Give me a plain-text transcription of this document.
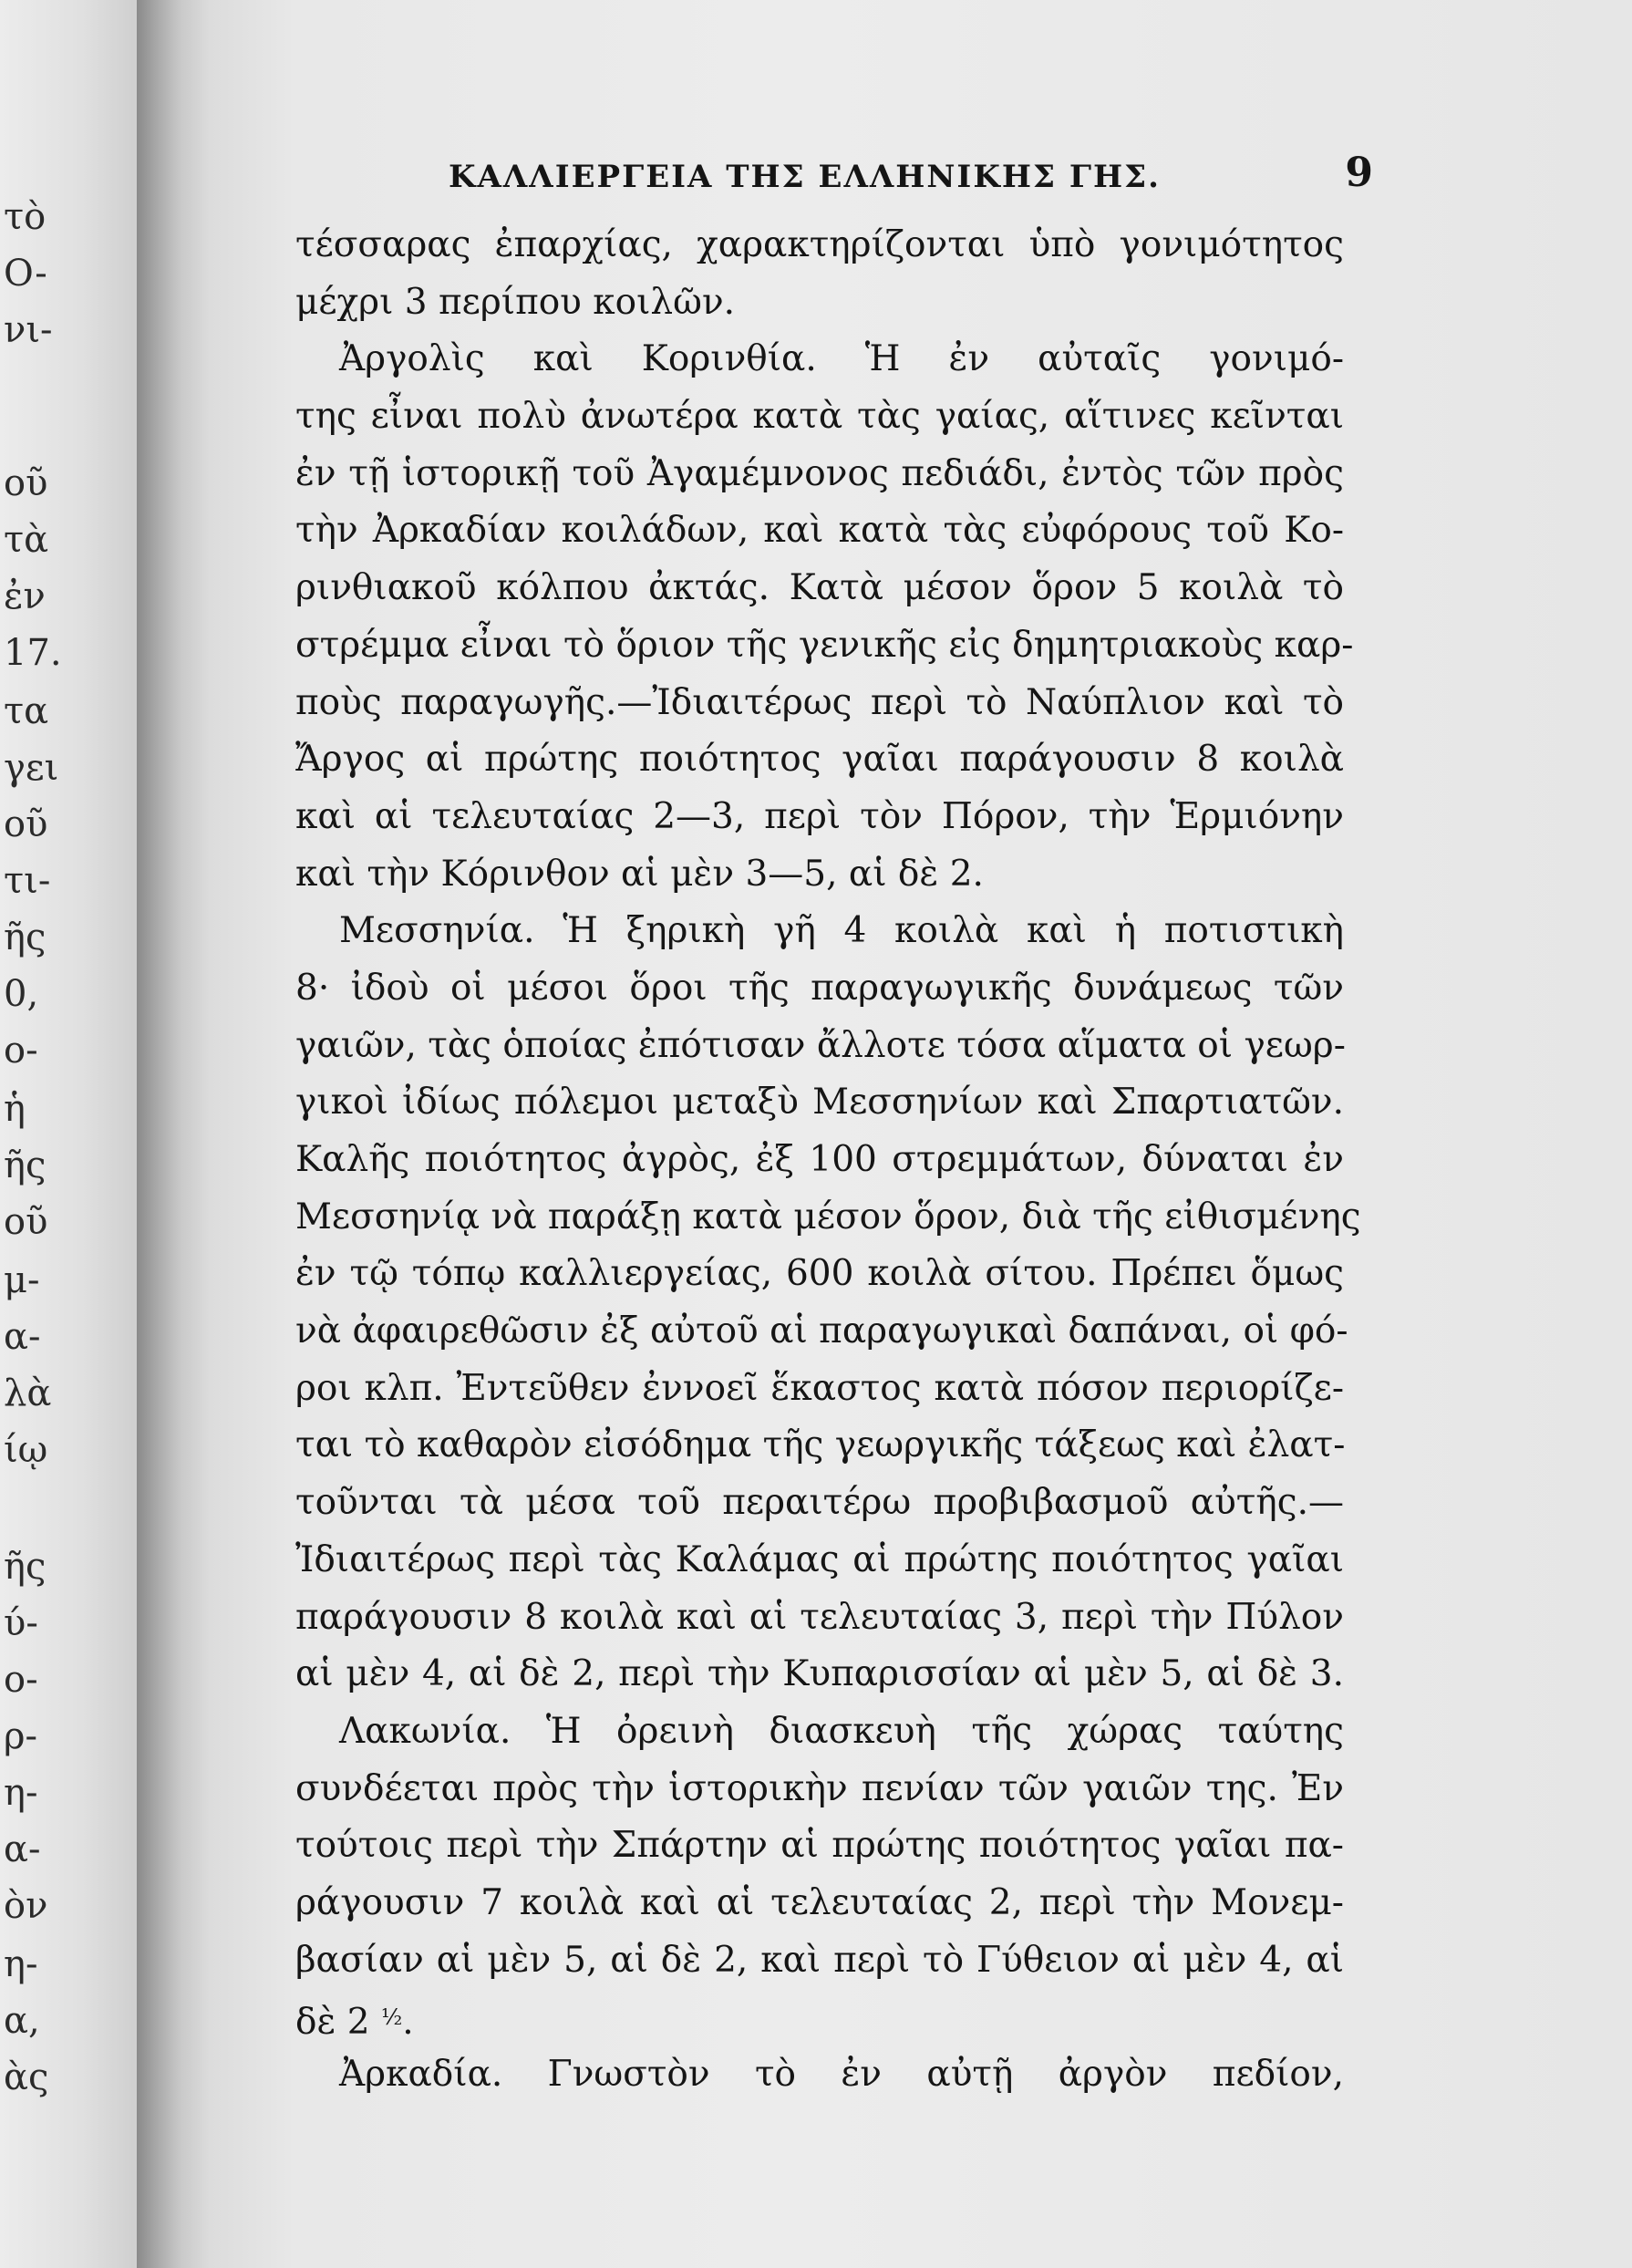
τὸ
O-
νι-
οῦ
τὰ
ἐν
17.
τα
γει
οῦ
τι-
ῆς
0,
ο-
ἡ
ῆς
οῦ
μ-
α-
λὰ
ίῳ
ῆς
ύ-
ο-
ρ-
η-
α-
ὸν
η-
α,
ὰς
ΚΑΛΛΙΕΡΓΕΙΑ ΤΗΣ ΕΛΛΗΝΙΚΗΣ ΓΗΣ.	9
τέσσαρας ἐπαρχίας, χαρακτηρίζονται ὑπὸ γονιμότητος
μέχρι 3 περίπου κοιλῶν.
Ἀργολὶς καὶ Κορινθία. Ἡ ἐν αὐταῖς γονιμό-
της εἶναι πολὺ ἀνωτέρα κατὰ τὰς γαίας, αἵτινες κεῖνται
ἐν τῇ ἱστορικῇ τοῦ Ἀγαμέμνονος πεδιάδι, ἐντὸς τῶν πρὸς
τὴν Ἀρκαδίαν κοιλάδων, καὶ κατὰ τὰς εὐφόρους τοῦ Κο-
ρινθιακοῦ κόλπου ἀκτάς. Κατὰ μέσον ὅρον 5 κοιλὰ τὸ
στρέμμα εἶναι τὸ ὅριον τῆς γενικῆς εἰς δημητριακοὺς καρ-
ποὺς παραγωγῆς.—Ἰδιαιτέρως περὶ τὸ Ναύπλιον καὶ τὸ
Ἄργος αἱ πρώτης ποιότητος γαῖαι παράγουσιν 8 κοιλὰ
καὶ αἱ τελευταίας 2—3, περὶ τὸν Πόρον, τὴν Ἑρμιόνην
καὶ τὴν Κόρινθον αἱ μὲν 3—5, αἱ δὲ 2.
Μεσσηνία. Ἡ ξηρικὴ γῆ 4 κοιλὰ καὶ ἡ ποτιστικὴ
8· ἰδοὺ οἱ μέσοι ὅροι τῆς παραγωγικῆς δυνάμεως τῶν
γαιῶν, τὰς ὁποίας ἐπότισαν ἄλλοτε τόσα αἵματα οἱ γεωρ-
γικοὶ ἰδίως πόλεμοι μεταξὺ Μεσσηνίων καὶ Σπαρτιατῶν.
Καλῆς ποιότητος ἀγρὸς, ἐξ 100 στρεμμάτων, δύναται ἐν
Μεσσηνίᾳ νὰ παράξῃ κατὰ μέσον ὅρον, διὰ τῆς εἰθισμένης
ἐν τῷ τόπῳ καλλιεργείας, 600 κοιλὰ σίτου. Πρέπει ὅμως
νὰ ἀφαιρεθῶσιν ἐξ αὐτοῦ αἱ παραγωγικαὶ δαπάναι, οἱ φό-
ροι κλπ. Ἐντεῦθεν ἐννοεῖ ἕκαστος κατὰ πόσον περιορίζε-
ται τὸ καθαρὸν εἰσόδημα τῆς γεωργικῆς τάξεως καὶ ἐλατ-
τοῦνται τὰ μέσα τοῦ περαιτέρω προβιβασμοῦ αὐτῆς.—
Ἰδιαιτέρως περὶ τὰς Καλάμας αἱ πρώτης ποιότητος γαῖαι
παράγουσιν 8 κοιλὰ καὶ αἱ τελευταίας 3, περὶ τὴν Πύλον
αἱ μὲν 4, αἱ δὲ 2, περὶ τὴν Κυπαρισσίαν αἱ μὲν 5, αἱ δὲ 3.
Λακωνία. Ἡ ὀρεινὴ διασκευὴ τῆς χώρας ταύτης
συνδέεται πρὸς τὴν ἱστορικὴν πενίαν τῶν γαιῶν της. Ἐν
τούτοις περὶ τὴν Σπάρτην αἱ πρώτης ποιότητος γαῖαι πα-
ράγουσιν 7 κοιλὰ καὶ αἱ τελευταίας 2, περὶ τὴν Μονεμ-
βασίαν αἱ μὲν 5, αἱ δὲ 2, καὶ περὶ τὸ Γύθειον αἱ μὲν 4, αἱ
δὲ 2 $^{\frac{1}{2}}$.
Ἀρκαδία. Γνωστὸν τὸ ἐν αὐτῇ ἀργὸν πεδίον,
